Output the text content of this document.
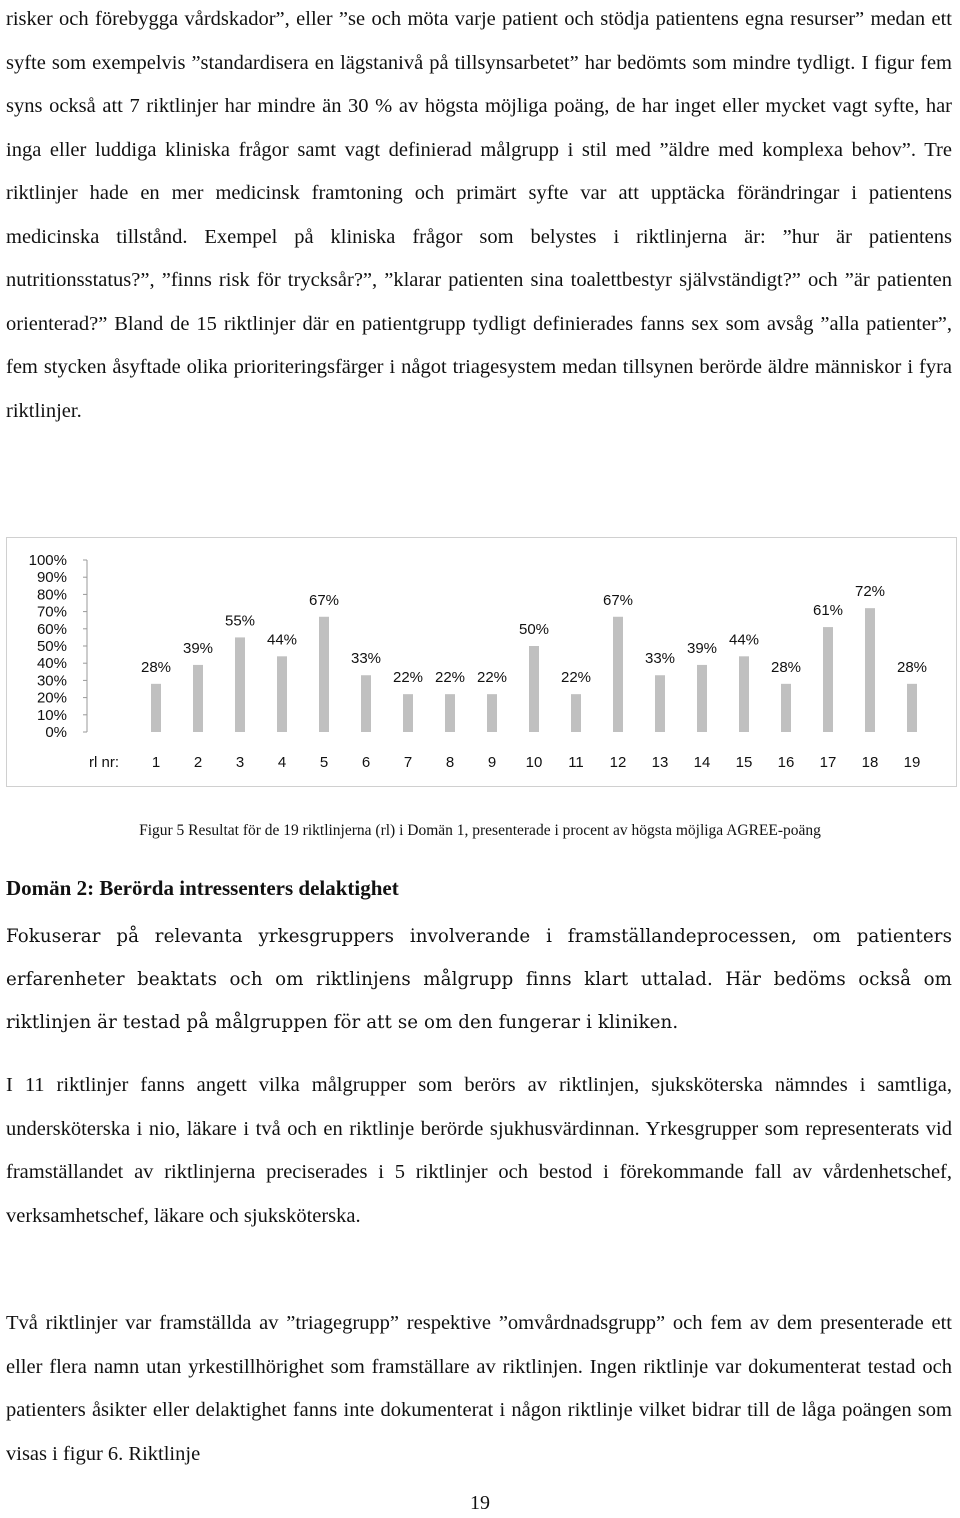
risker och förebygga vårdskador”, eller ”se och möta varje patient och stödja patientens egna resurser” medan ett syfte som exempelvis ”standardisera en lägstanivå på tillsynsarbetet” har bedömts som mindre tydligt. I figur fem syns också att 7 riktlinjer har mindre än 30 % av högsta möjliga poäng, de har inget eller mycket vagt syfte, har inga eller luddiga kliniska frågor samt vagt definierad målgrupp i stil med ”äldre med komplexa behov”. Tre riktlinjer hade en mer medicinsk framtoning och primärt syfte var att upptäcka förändringar i patientens medicinska tillstånd. Exempel på kliniska frågor som belystes i riktlinjerna är: ”hur är patientens nutritionsstatus?”, ”finns risk för trycksår?”, ”klarar patienten sina toalettbestyr självständigt?” och ”är patienten orienterad?” Bland de 15 riktlinjer där en patientgrupp tydligt definierades fanns sex som avsåg ”alla patienter”, fem stycken åsyftade olika prioriteringsfärger i något triagesystem medan tillsynen berörde äldre människor i fyra riktlinjer.

0%
10%
20%
30%
40%
50%
60%
70%
80%
90%
100%
28%
1
39%
2
55%
3
44%
4
67%
5
33%
6
22%
7
22%
8
22%
9
50%
10
22%
11
67%
12
33%
13
39%
14
44%
15
28%
16
61%
17
72%
18
28%
19
rl nr:

Figur 5 Resultat för de 19 riktlinjerna (rl) i Domän 1, presenterade i procent av högsta möjliga AGREE-poäng

Domän 2: Berörda intressenters delaktighet

Fokuserar på relevanta yrkesgruppers involverande i framställandeprocessen, om patienters erfarenheter beaktats och om riktlinjens målgrupp finns klart uttalad. Här bedöms också om riktlinjen är testad på målgruppen för att se om den fungerar i kliniken.

I 11 riktlinjer fanns angett vilka målgrupper som berörs av riktlinjen, sjuksköterska nämndes i samtliga, undersköterska i nio, läkare i två och en riktlinje berörde sjukhusvärdinnan. Yrkesgrupper som representerats vid framställandet av riktlinjerna preciserades i 5 riktlinjer och bestod i förekommande fall av vårdenhetschef, verksamhetschef, läkare och sjuksköterska.

Två riktlinjer var framställda av ”triagegrupp” respektive ”omvårdnadsgrupp” och fem av dem presenterade ett eller flera namn utan yrkestillhörighet som framställare av riktlinjen. Ingen riktlinje var dokumenterat testad och patienters åsikter eller delaktighet fanns inte dokumenterat i någon riktlinje vilket bidrar till de låga poängen som visas i figur 6. Riktlinje

19
